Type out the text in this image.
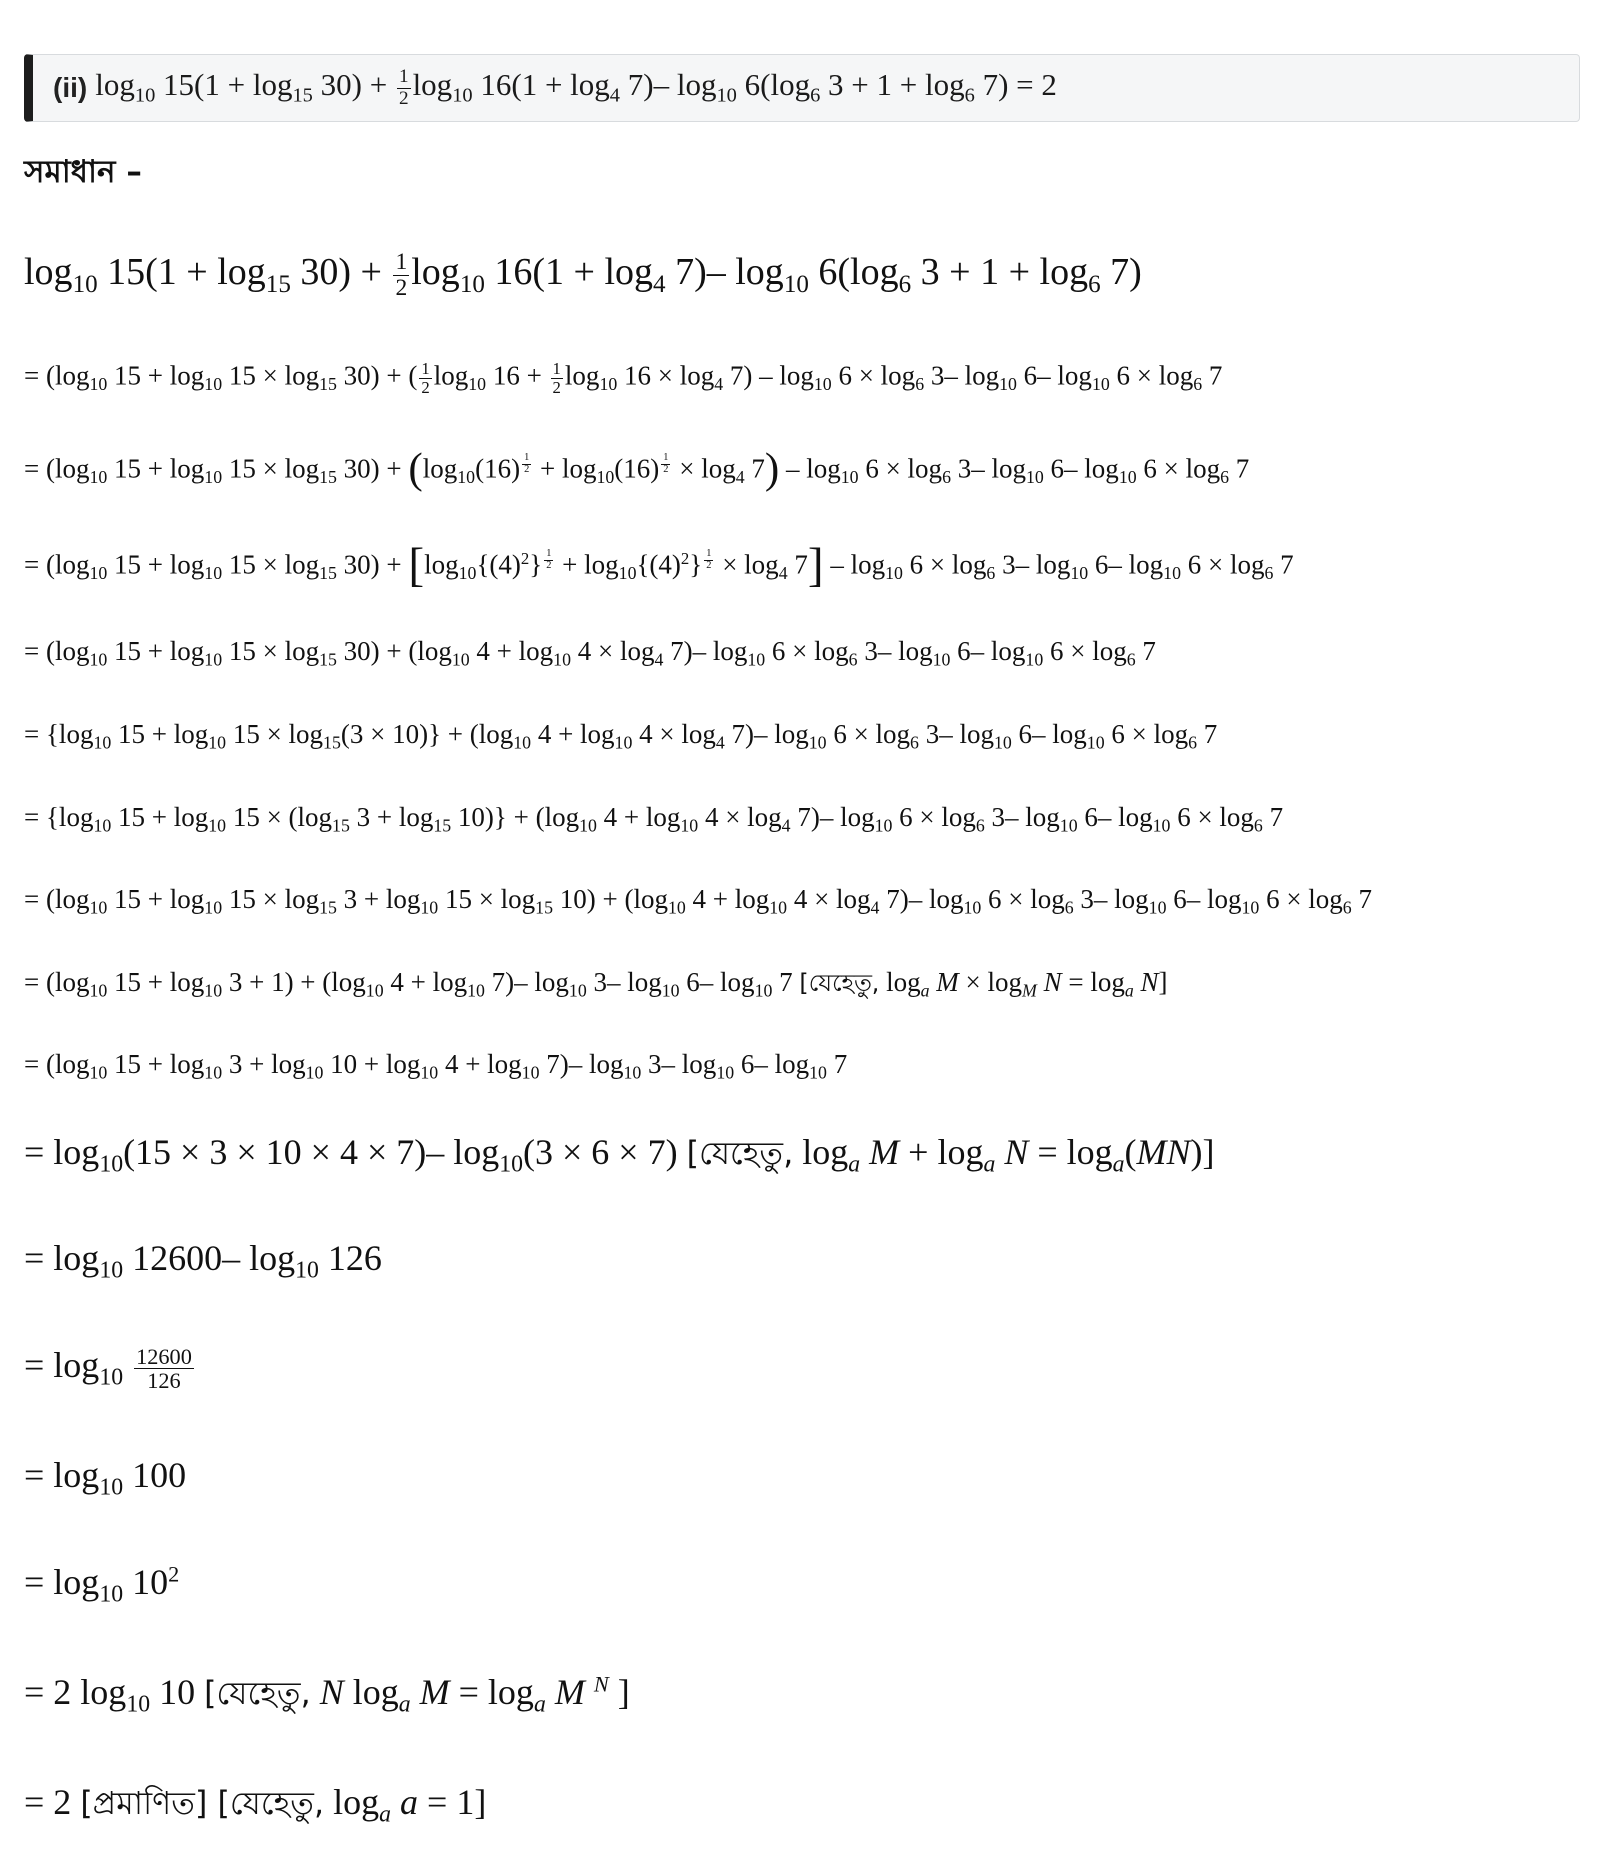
(ii) $\log_{10} 15(1 + \log_{15} 30) + \frac{1}{2} \log_{10} 16(1 + \log_4 7)-$ $\log_{10} 6(\log_6$ $3 + 1 + \log_6 7) = 2$
সমাধান –
$\log_{10} 15(1 + \log_{15} 30) + \frac{1}{2} \log_{10} 16(1 + \log_4 7)-$ $\log_{10} 6(\log_6$ $3 + 1 + \log_6 7$)
= ($\log_{10}$ $15 + \log_{10} 15 \times \log_{15} 30$) + ( $\frac{1}{2} \log_{10} 16 + \frac{1}{2} \log_{10} 16 \times \log_4 7) - \log_{10} 6 \times \log_6 3-$ $\log_{10} 6-$ $\log_{10} 6 \times \log_6 7$
= ($\log_{10}$ $15 + \log_{10} 15 \times \log_{15} 30) + (\log_{10}(16) ^{\frac{1}{2}} + \log_{10}(16) ^{\frac{1}{2}} \times \log_4 7) - \log_{10} 6 \times \log_6 3-$ $\log_{10} 6-$ $\log_{10} 6 \times \log_6 7$
= ($\log_{10}$ $15 + \log_{10} 15 \times \log_{15} 30) + [\log_{10}\{(4)^2\} ^{\frac{1}{2}} + \log_{10}\{(4)^2\} ^{\frac{1}{2}} \times \log_4 7] - \log_{10} 6 \times \log_6 3-$ $\log_{10} 6-$ $\log_{10} 6 \times \log_6 7$
= ($\log_{10}$ $15 + \log_{10} 15 \times \log_{15} 30) + (\log_{10}$ $4 + \log_{10} 4 \times \log_4 7)-$ $\log_{10} 6 \times \log_6 3-$ $\log_{10} 6-$ $\log_{10} 6 \times \log_6 7$
= {$\log_{10}$ $15 + \log_{10} 15 \times \log_{15}(3 \times 10)\} + (\log_{10}$ $4 + \log_{10} 4 \times \log_4 7)-$ $\log_{10} 6 \times \log_6 3-$ $\log_{10} 6-$ $\log_{10} 6 \times \log_6 7$
= {$\log_{10}$ $15 + \log_{10} 15 \times (\log_{15}$ $3 + \log_{15} 10)\} + (\log_{10}$ $4 + \log_{10} 4 \times \log_4 7)-$ $\log_{10} 6 \times \log_6 3-$ $\log_{10} 6-$ $\log_{10} 6 \times \log_6 7$
= ($\log_{10}$ $15 + \log_{10} 15 \times \log_{15} 3 + \log_{10} 15 \times \log_{15} 10) + (\log_{10}$ $4 + \log_{10} 4 \times \log_4 7)-$ $\log_{10} 6 \times \log_6 3-$ $\log_{10} 6-$ $\log_{10} 6 \times \log_6 7$
= ($\log_{10}$ $15 + \log_{10} 3 + 1) + (\log_{10}$ $4 + \log_{10} 7)-$ $\log_{10} 3-$ $\log_{10} 6-$ $\log_{10} 7$ [যেহেতু, $\log_a M \times \log_M N = \log_a N$]
= ($\log_{10}$ $15 + \log_{10} 3 + \log_{10} 10 + \log_{10} 4 + \log_{10} 7)-$ $\log_{10} 3-$ $\log_{10} 6-$ $\log_{10} 7$
= $\log_{10}(15 \times 3 \times 10 \times 4 \times 7)-$ $\log_{10}(3 \times 6 \times 7)$ [যেহেতু, $\log_a M + \log_a N = \log_a(MN)$]
= $\log_{10} 12600-$ $\log_{10} 126$
= $\log_{10} \frac{12600}{126}$
= $\log_{10} 100$
= $\log_{10} 10^2$
= 2 $\log_{10} 10$ [যেহেতু, N $\log_a M = \log_a M$ $^N$ ]
= 2 [প্রমাণিত] [যেহেতু, $\log_a a = 1$]
